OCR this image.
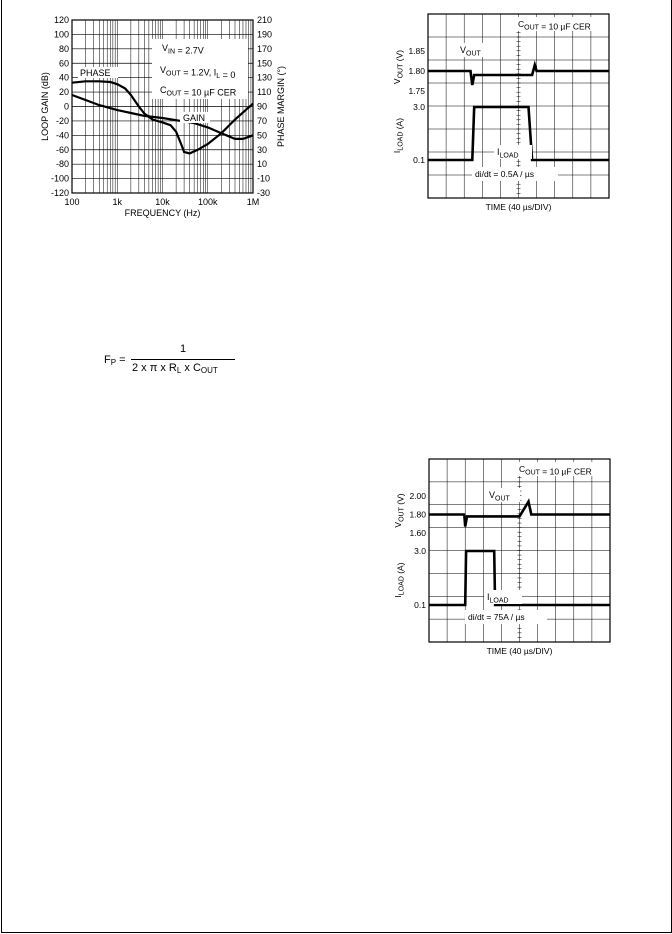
120	210
100	190
80	170
60	150
40	130
20	110
0	90
-20	70
-40	50
-60	30
-80	10
-100	-10
-120	-30
100	1k	10k	100k	1M
FREQUENCY (Hz)
LOOP GAIN (dB)	PHASE MARGIN (°)
$V_{IN} = 2.7V$
$V_{OUT} = 1.2V$, $I_L = 0$
$C_{OUT} = 10$ µF CER
PHASE
GAIN
1.85
1.80
1.75
3.0
0.1
$V_{OUT}$ (V)
$I_{LOAD}$ (A)
TIME (40 µs/DIV)
$C_{OUT} = 10$ µF CER
$V_{OUT}$
$I_{LOAD}$
di/dt = 0.5A / µs
2.00
1.80
1.60
3.0
0.1
$V_{OUT}$ (V)
$I_{LOAD}$ (A)
TIME (40 µs/DIV)
$C_{OUT} = 10$ µF CER
$V_{OUT}$
$I_{LOAD}$
di/dt = 75A / µs
$F_P$ =
1
2 x π x $R_L$ x $C_{OUT}$
